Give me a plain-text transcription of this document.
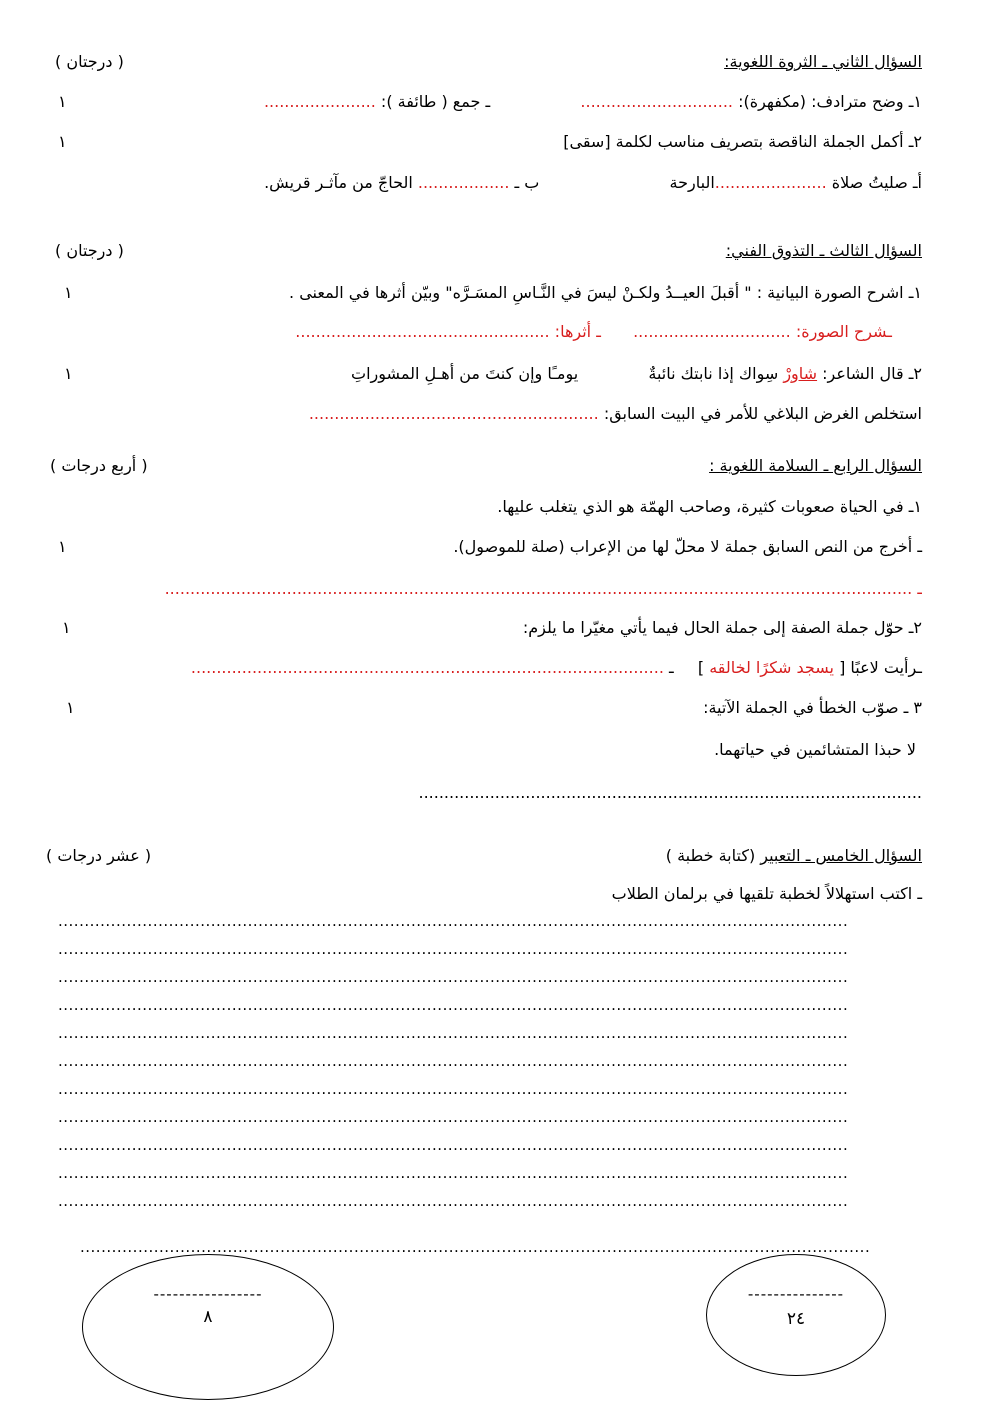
السؤال الثاني ـ الثروة اللغوية:
( درجتان )
١ـ وضح مترادف: (مكفهرة): ..............................  ـ جمع ( طائفة ): ......................
١
٢ـ أكمل الجملة الناقصة بتصريف مناسب لكلمة [سقى]
١
أـ صليتُ صلاة ......................البارحة  ب ـ .................. الحاجّ من مآثـر قريش.
السؤال الثالث ـ التذوق الفني:
( درجتان )
١ـ اشرح الصورة البيانية : " أقبلَ العيــدُ ولكـنْ ليسَ في النَّـاسِ المسَـرَّه" وبيّن أثرها في المعنى .
١
ـشرح الصورة: ...............................  ـ أثرها: ..................................................
٢ـ قال الشاعر: شاورْ سِواك إذا نابتك نائبةٌ  يومـًا وإن كنتَ من أهـلِ المشوراتِ
١
استخلص الغرض البلاغي للأمر في البيت السابق: .........................................................
السؤال الرابع ـ السلامة اللغوية :
( أربع درجات )
١ـ في الحياة صعوبات كثيرة، وصاحب الهمّة هو الذي يتغلب عليها.
ـ أخرج من النص السابق جملة لا محلّ لها من الإعراب (صلة للموصول).
١
ـ ...................................................................................................................................................
٢ـ حوّل جملة الصفة إلى جملة الحال فيما يأتي مغيّرا ما يلزم:
١
ـرأيت لاعبًا [ يسجد شكرًا لخالقه ]  ـ .............................................................................................
٣ ـ صوّب الخطأ في الجملة الآتية:
١
لا حبذا المتشائمين في حياتهما.
...................................................................................................
السؤال الخامس ـ التعبير (كتابة خطبة )
( عشر درجات )
ـ اكتب استهلالاً لخطبة تلقيها في برلمان الطلاب
......................................................................................................................................................
......................................................................................................................................................
......................................................................................................................................................
......................................................................................................................................................
......................................................................................................................................................
......................................................................................................................................................
......................................................................................................................................................
......................................................................................................................................................
......................................................................................................................................................
......................................................................................................................................................
......................................................................................................................................................
......................................................................................................................................................
-----------------
٨
---------------
٢٤
